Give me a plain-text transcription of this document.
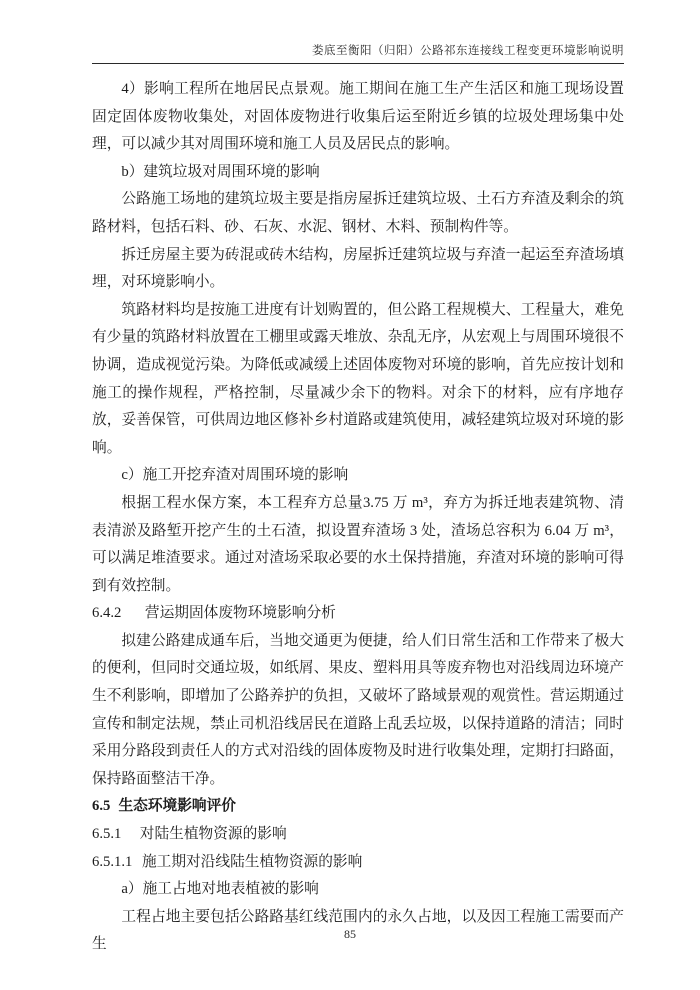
娄底至衡阳（归阳）公路祁东连接线工程变更环境影响说明

4）影响工程所在地居民点景观。施工期间在施工生产生活区和施工现场设置固定固体废物收集处，对固体废物进行收集后运至附近乡镇的垃圾处理场集中处理，可以减少其对周围环境和施工人员及居民点的影响。

b）建筑垃圾对周围环境的影响

公路施工场地的建筑垃圾主要是指房屋拆迁建筑垃圾、土石方弃渣及剩余的筑路材料，包括石料、砂、石灰、水泥、钢材、木料、预制构件等。

拆迁房屋主要为砖混或砖木结构，房屋拆迁建筑垃圾与弃渣一起运至弃渣场填埋，对环境影响小。

筑路材料均是按施工进度有计划购置的，但公路工程规模大、工程量大，难免有少量的筑路材料放置在工棚里或露天堆放、杂乱无序，从宏观上与周围环境很不协调，造成视觉污染。为降低或减缓上述固体废物对环境的影响，首先应按计划和施工的操作规程，严格控制，尽量减少余下的物料。对余下的材料，应有序地存放，妥善保管，可供周边地区修补乡村道路或建筑使用，减轻建筑垃圾对环境的影响。

c）施工开挖弃渣对周围环境的影响

根据工程水保方案，本工程弃方总量3.75 万 m³，弃方为拆迁地表建筑物、清表清淤及路堑开挖产生的土石渣，拟设置弃渣场 3 处，渣场总容积为 6.04 万 m³，可以满足堆渣要求。通过对渣场采取必要的水土保持措施，弃渣对环境的影响可得到有效控制。

6.4.2 营运期固体废物环境影响分析

拟建公路建成通车后，当地交通更为便捷，给人们日常生活和工作带来了极大的便利，但同时交通垃圾，如纸屑、果皮、塑料用具等废弃物也对沿线周边环境产生不利影响，即增加了公路养护的负担，又破坏了路域景观的观赏性。营运期通过宣传和制定法规，禁止司机沿线居民在道路上乱丢垃圾，以保持道路的清洁；同时采用分路段到责任人的方式对沿线的固体废物及时进行收集处理，定期打扫路面，保持路面整洁干净。

6.5 生态环境影响评价
6.5.1 对陆生植物资源的影响
6.5.1.1 施工期对沿线陆生植物资源的影响

a）施工占地对地表植被的影响

工程占地主要包括公路路基红线范围内的永久占地，以及因工程施工需要而产生

85
